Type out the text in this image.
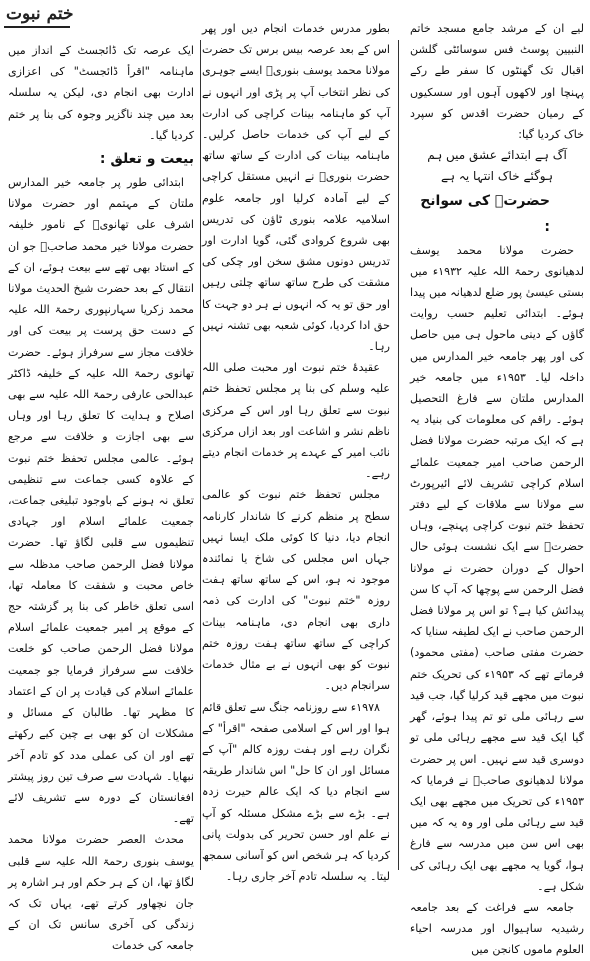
ختم نبوت

لیے ان کے مرشد جامع مسجد خاتم النبیین پوسٹ فس سوسائٹی گلشن اقبال تک گھنٹوں کا سفر طے رکے پہنچا اور لاکھوں آہوں اور سسکیوں کے رمیان حضرت اقدس کو سپرد خاک کردیا گیا:

آگ ہے ابتدائے عشق میں ہم

ہوگئے خاک انتہا یہ ہے

حضرتؒ کی سوانح :

حضرت مولانا محمد یوسف لدھیانوی رحمۃ اللہ علیہ ۱۹۳۲ء میں بستی عیسیٰ پور ضلع لدھیانہ میں پیدا ہوئے۔ ابتدائی تعلیم حسب روایت گاؤں کے دینی ماحول ہی میں حاصل کی اور پھر جامعہ خیر المدارس میں داخلہ لیا۔ ۱۹۵۳ء میں جامعہ خیر المدارس ملتان سے فارغ التحصیل ہوئے۔ راقم کی معلومات کی بنیاد یہ ہے کہ ایک مرتبہ حضرت مولانا فضل الرحمن صاحب امیر جمعیت علمائے اسلام کراچی تشریف لائے ائیرپورٹ سے مولانا سے ملاقات کے لیے دفتر تحفظ ختم نبوت کراچی پہنچے، وہاں حضرتؒ سے ایک نشست ہوئی حال احوال کے دوران حضرت نے مولانا فضل الرحمن سے پوچھا کہ آپ کا سن پیدائش کیا ہے؟ تو اس پر مولانا فضل الرحمن صاحب نے ایک لطیفہ سنایا کہ حضرت مفتی صاحب (مفتی محمود) فرماتے تھے کہ ۱۹۵۳ء کی تحریک ختم نبوت میں مجھے قید کرلیا گیا، جب قید سے رہائی ملی تو تم پیدا ہوئے، گھر گیا ایک قید سے مجھے رہائی ملی تو دوسری قید سے نہیں۔ اس پر حضرت مولانا لدھیانوی صاحبؒ نے فرمایا کہ ۱۹۵۳ء کی تحریک میں مجھے بھی ایک قید سے رہائی ملی اور وہ یہ کہ میں بھی اس سن میں مدرسہ سے فارغ ہوا، گویا یہ مجھے بھی ایک رہائی کی شکل ہے۔

جامعہ سے فراغت کے بعد جامعہ رشیدیہ ساہیوال اور مدرسہ احیاء العلوم ماموں کانجن میں

بطور مدرس خدمات انجام دیں اور پھر اس کے بعد عرصہ بیس برس تک حضرت مولانا محمد یوسف بنوریؒ ایسے جوہری کی نظر انتخاب آپ پر پڑی اور انہوں نے آپ کو ماہنامہ بینات کراچی کی ادارت کے لیے آپ کی خدمات حاصل کرلیں۔ ماہنامہ بینات کی ادارت کے ساتھ ساتھ حضرت بنوریؒ نے انہیں مستقل کراچی کے لیے آمادہ کرلیا اور جامعہ علوم اسلامیہ علامہ بنوری ٹاؤن کی تدریس بھی شروع کروادی گئی، گویا ادارت اور تدریس دونوں مشق سخن اور چکی کی مشقت کی طرح ساتھ ساتھ چلتی رہیں اور حق تو یہ کہ انہوں نے ہر دو جہت کا حق ادا کردیا، کوئی شعبہ بھی تشنہ نہیں رہا۔

عقیدۂ ختم نبوت اور محبت صلی اللہ علیہ وسلم کی بنا پر مجلس تحفظ ختم نبوت سے تعلق رہا اور اس کے مرکزی ناظم نشر و اشاعت اور بعد ازاں مرکزی نائب امیر کے عہدے پر خدمات انجام دیتے رہے۔

مجلس تحفظ ختم نبوت کو عالمی سطح پر منظم کرنے کا شاندار کارنامہ انجام دیا، دنیا کا کوئی ملک ایسا نہیں جہاں اس مجلس کی شاخ یا نمائندہ موجود نہ ہو، اس کے ساتھ ساتھ ہفت روزہ "ختم نبوت" کی ادارت کی ذمہ داری بھی انجام دی، ماہنامہ بینات کراچی کے ساتھ ساتھ ہفت روزہ ختم نبوت کو بھی انہوں نے بے مثال خدمات سرانجام دیں۔

۱۹۷۸ء سے روزنامہ جنگ سے تعلق قائم ہوا اور اس کے اسلامی صفحہ "اقرأ" کے نگران رہے اور ہفت روزہ کالم "آپ کے مسائل اور ان کا حل" اس شاندار طریقہ سے انجام دیا کہ ایک عالم حیرت زدہ ہے۔ بڑے سے بڑے مشکل مسئلہ کو آپ نے علم اور حسن تحریر کی بدولت پانی کردیا کہ ہر شخص اس کو آسانی سمجھ لیتا۔ یہ سلسلہ تادم آخر جاری رہا۔

ایک عرصہ تک ڈائجسٹ کے انداز میں ماہنامہ "اقرأ ڈائجسٹ" کی اعزازی ادارت بھی انجام دی، لیکن یہ سلسلہ بعد میں چند ناگزیر وجوہ کی بنا پر ختم کردیا گیا۔

بیعت و تعلق :

ابتدائی طور پر جامعہ خیر المدارس ملتان کے مہتمم اور حضرت مولانا اشرف علی تھانویؒ کے نامور خلیفہ حضرت مولانا خیر محمد صاحبؒ جو ان کے استاد بھی تھے سے بیعت ہوئے، ان کے انتقال کے بعد حضرت شیخ الحدیث مولانا محمد زکریا سہارنپوری رحمۃ اللہ علیہ کے دست حق پرست پر بیعت کی اور خلافت مجاز سے سرفراز ہوئے۔ حضرت تھانوی رحمۃ اللہ علیہ کے خلیفہ ڈاکٹر عبدالحی عارفی رحمۃ اللہ علیہ سے بھی اصلاح و ہدایت کا تعلق رہا اور وہاں سے بھی اجازت و خلافت سے مرجع ہوئے۔ عالمی مجلس تحفظ ختم نبوت کے علاوہ کسی جماعت سے تنظیمی تعلق نہ ہونے کے باوجود تبلیغی جماعت، جمعیت علمائے اسلام اور جہادی تنظیموں سے قلبی لگاؤ تھا۔ حضرت مولانا فضل الرحمن صاحب مدظلہ سے خاص محبت و شفقت کا معاملہ تھا، اسی تعلق خاطر کی بنا پر گزشتہ حج کے موقع پر امیر جمعیت علمائے اسلام مولانا فضل الرحمن صاحب کو خلعت خلافت سے سرفراز فرمایا جو جمعیت علمائے اسلام کی قیادت پر ان کے اعتماد کا مظہر تھا۔ طالبان کے مسائل و مشکلات ان کو بھی بے چین کیے رکھتے تھے اور ان کی عملی مدد کو تادم آخر نبھایا۔ شہادت سے صرف تین روز پیشتر افغانستان کے دورہ سے تشریف لائے تھے۔

محدث العصر حضرت مولانا محمد یوسف بنوری رحمۃ اللہ علیہ سے قلبی لگاؤ تھا، ان کے ہر حکم اور ہر اشارہ پر جان نچھاور کرتے تھے، یہاں تک کہ زندگی کی آخری سانس تک ان کے جامعہ کی خدمات
